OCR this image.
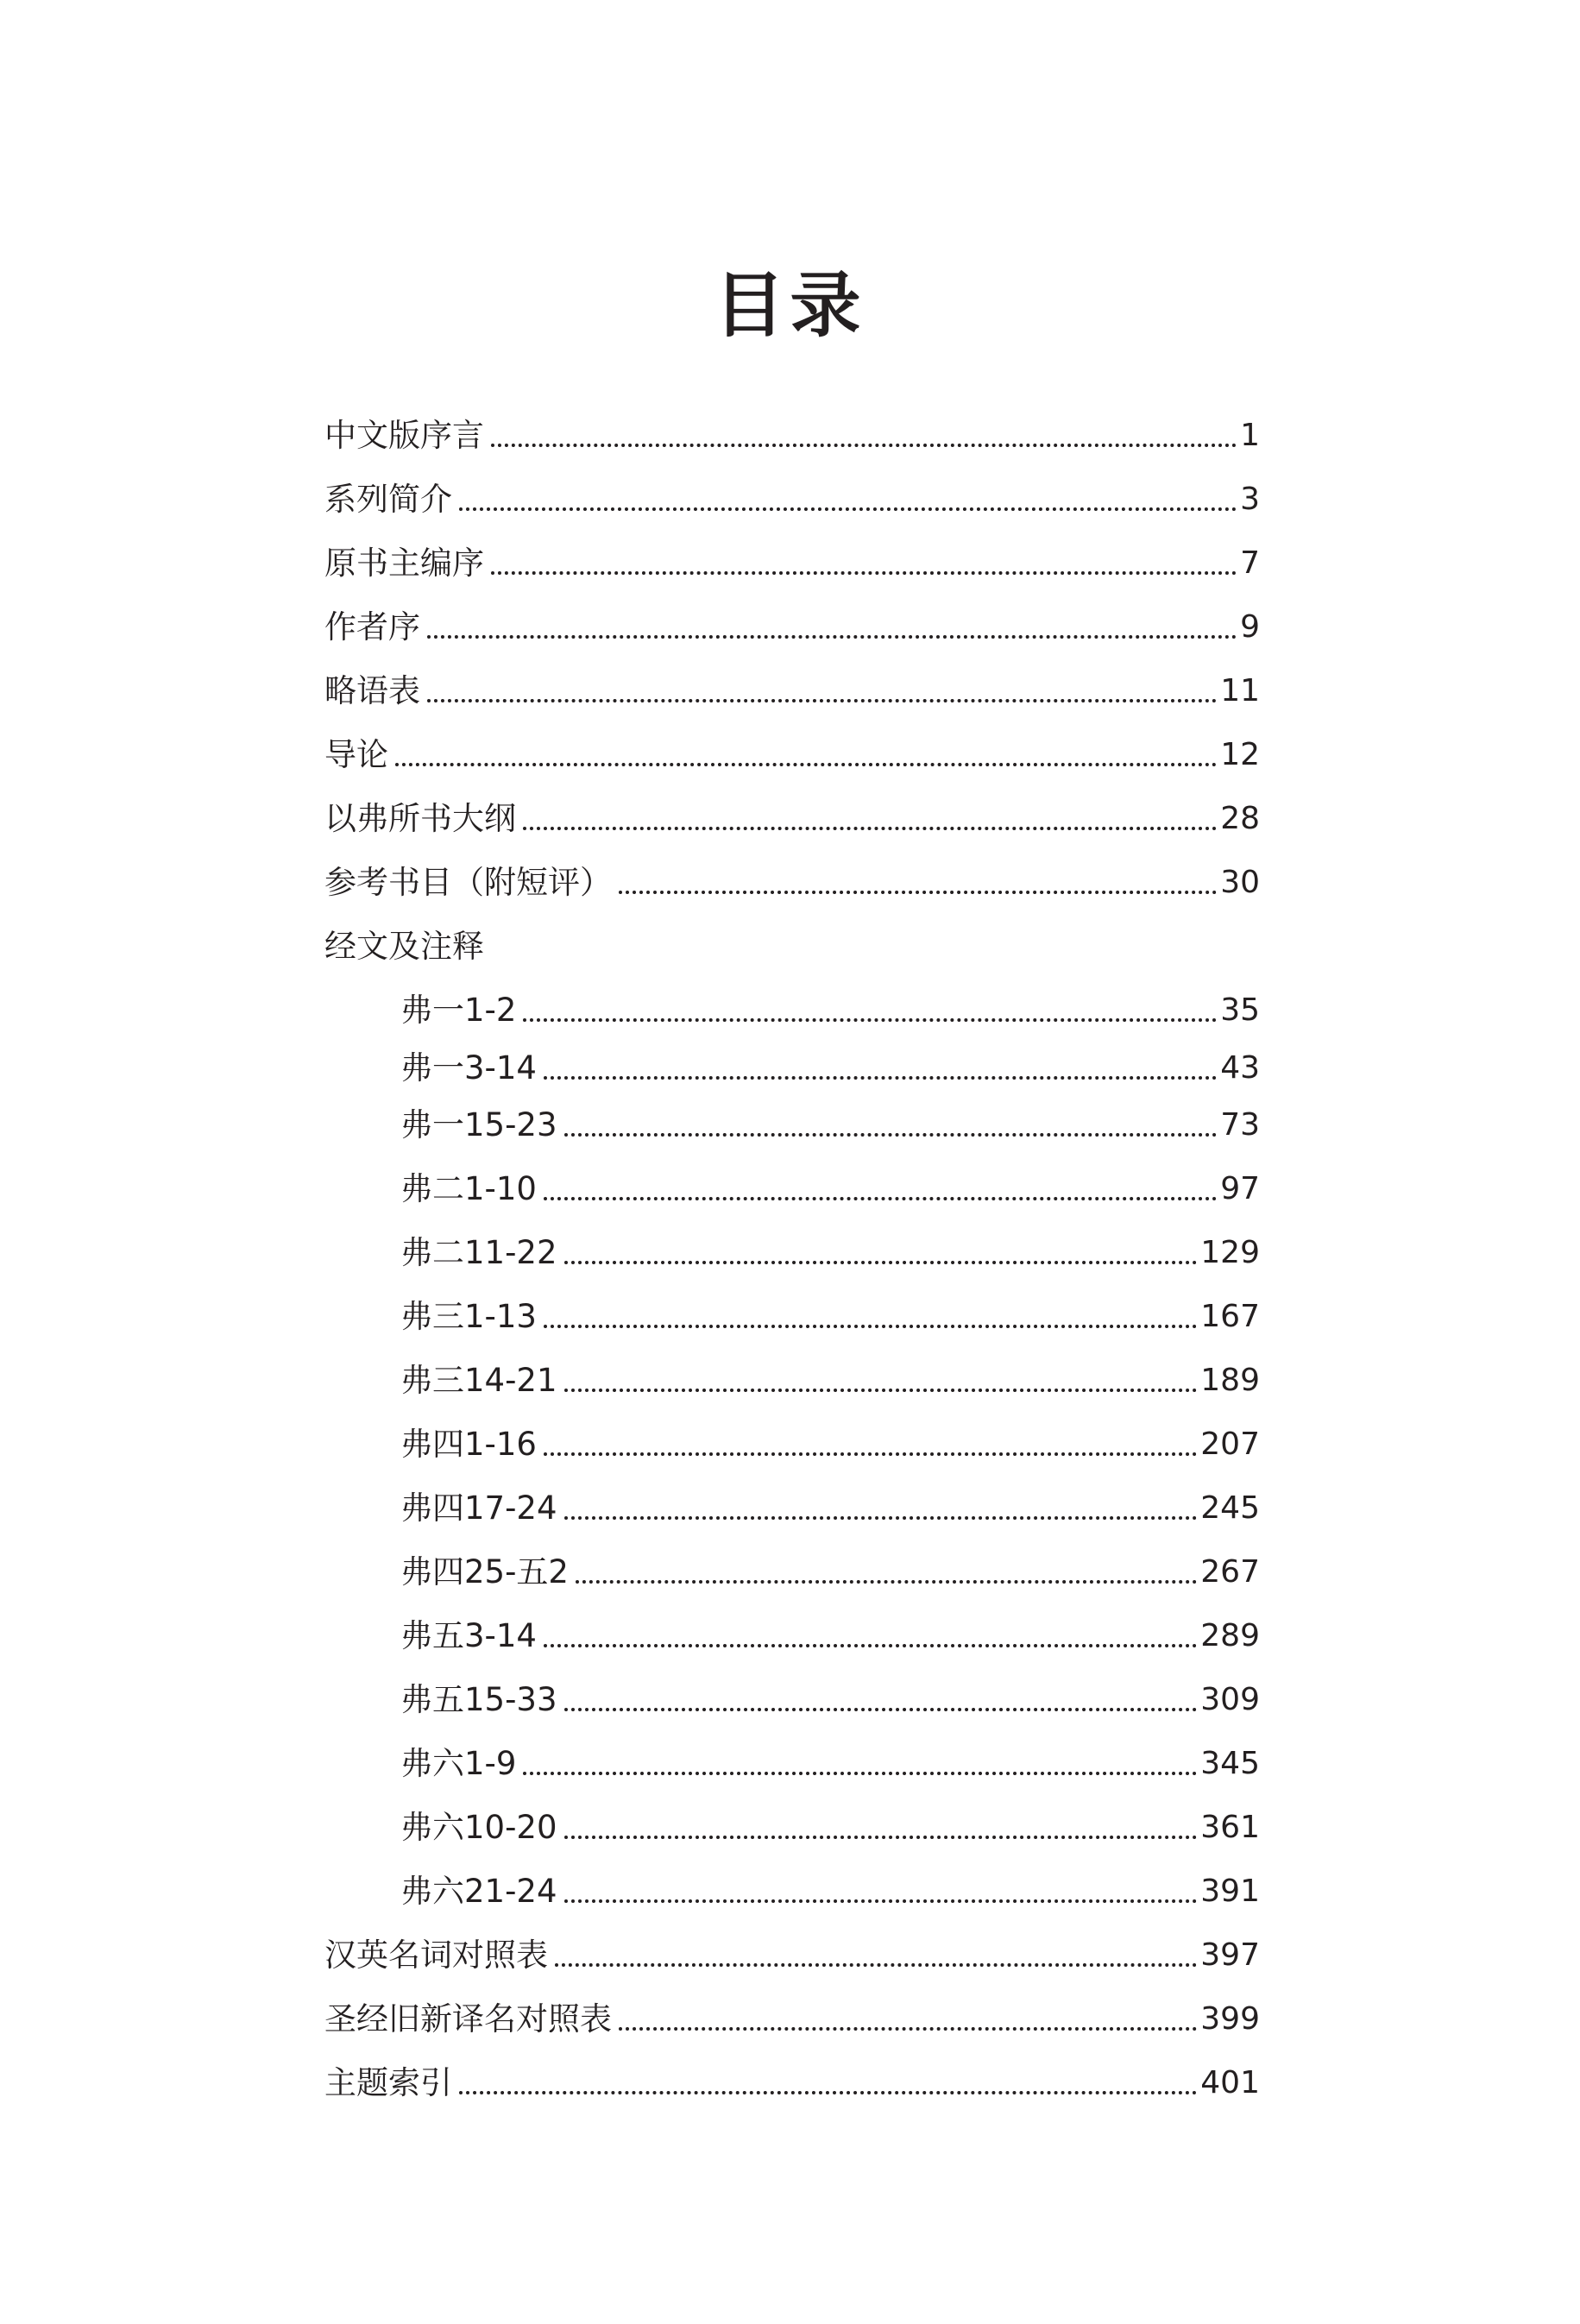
目录
中文版序言	1
系列简介	3
原书主编序	7
作者序	9
略语表	11
导论	12
以弗所书大纲	28
参考书目（附短评）	30
经文及注释
弗一1-2	35
弗一3-14	43
弗一15-23	73
弗二1-10	97
弗二11-22	129
弗三1-13	167
弗三14-21	189
弗四1-16	207
弗四17-24	245
弗四25-五2	267
弗五3-14	289
弗五15-33	309
弗六1-9	345
弗六10-20	361
弗六21-24	391
汉英名词对照表	397
圣经旧新译名对照表	399
主题索引	401
